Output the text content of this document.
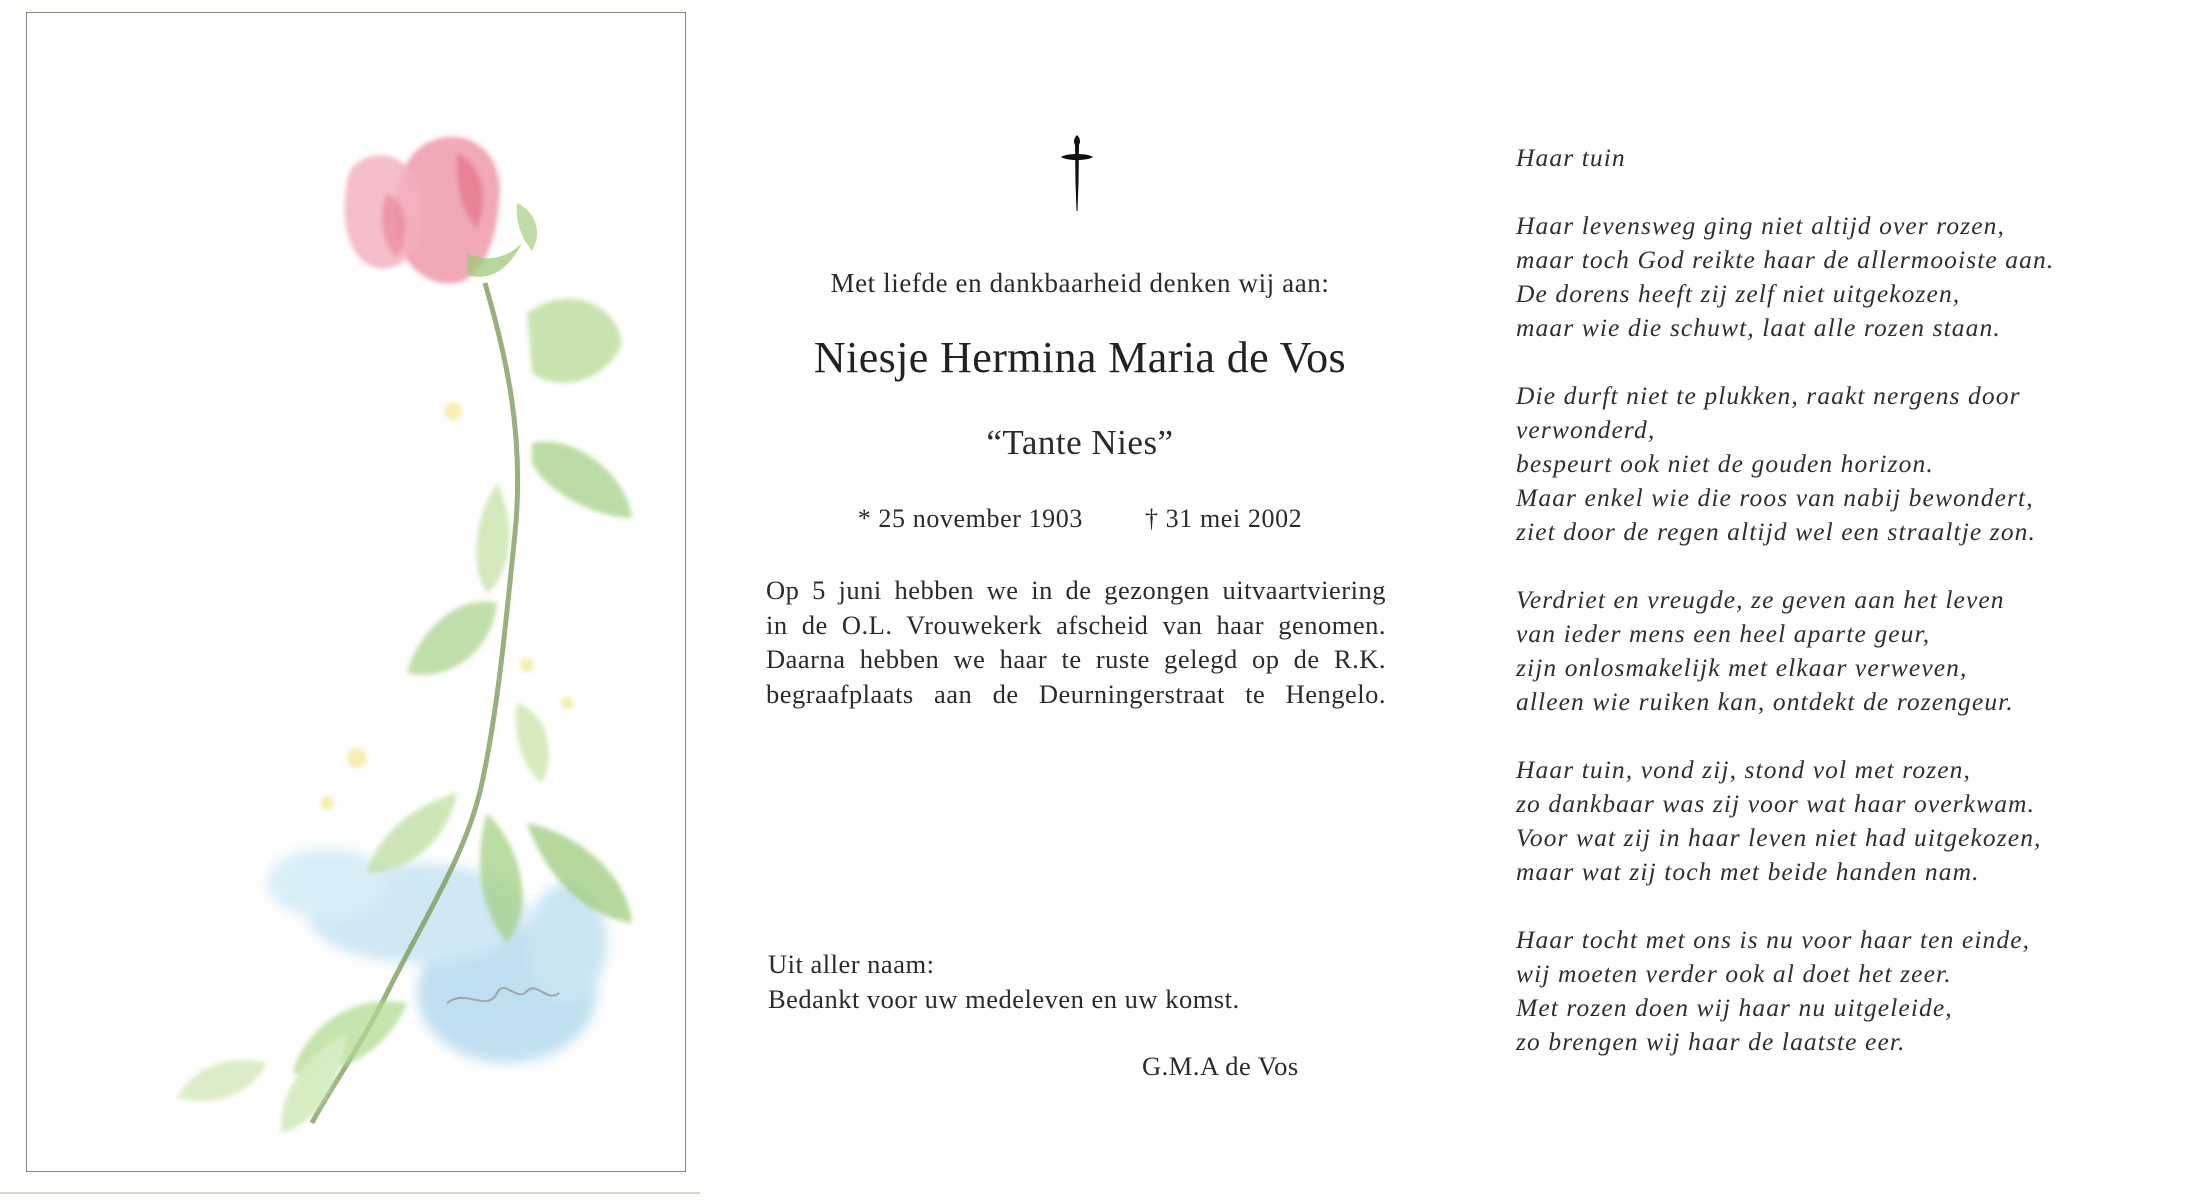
Met liefde en dankbaarheid denken wij aan:
Niesje Hermina Maria de Vos
“Tante Nies”
* 25 november 1903 † 31 mei 2002
Op 5 juni hebben we in de gezongen uitvaartviering
in de O.L. Vrouwekerk afscheid van haar genomen.
Daarna hebben we haar te ruste gelegd op de R.K.
begraafplaats aan de Deurningerstraat te Hengelo.
Uit aller naam:
Bedankt voor uw medeleven en uw komst.
G.M.A de Vos
Haar tuin
Haar levensweg ging niet altijd over rozen,
maar toch God reikte haar de allermooiste aan.
De dorens heeft zij zelf niet uitgekozen,
maar wie die schuwt, laat alle rozen staan.
Die durft niet te plukken, raakt nergens door
verwonderd,
bespeurt ook niet de gouden horizon.
Maar enkel wie die roos van nabij bewondert,
ziet door de regen altijd wel een straaltje zon.
Verdriet en vreugde, ze geven aan het leven
van ieder mens een heel aparte geur,
zijn onlosmakelijk met elkaar verweven,
alleen wie ruiken kan, ontdekt de rozengeur.
Haar tuin, vond zij, stond vol met rozen,
zo dankbaar was zij voor wat haar overkwam.
Voor wat zij in haar leven niet had uitgekozen,
maar wat zij toch met beide handen nam.
Haar tocht met ons is nu voor haar ten einde,
wij moeten verder ook al doet het zeer.
Met rozen doen wij haar nu uitgeleide,
zo brengen wij haar de laatste eer.
